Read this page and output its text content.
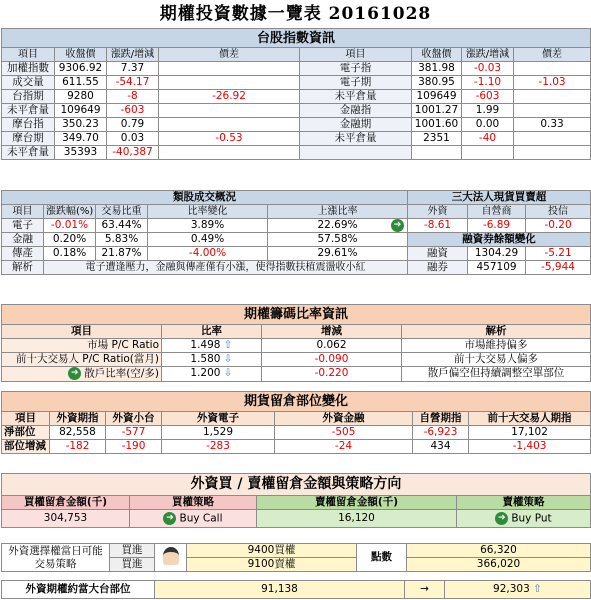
期權投資數據一覽表 20161028
台股指數資訊							
項目	收盤價	漲跌/增減	價差	項目	收盤價	漲跌/增減	價差
加權指數	9306.92	7.37		電子指	381.98	-0.03	
成交量	611.55	-54.17		電子期	380.95	-1.10	-1.03
台指期	9280	-8	-26.92	未平倉量	109649	-603	
未平倉量	109649	-603		金融指	1001.27	1.99	
摩台指	350.23	0.79		金融期	1001.60	0.00	0.33
摩台期	349.70	0.03	-0.53	未平倉量	2351	-40	
未平倉量	35393	-40,387					
類股成交概況					三大法人現貨買賣超		
項目	漲跌幅(%)	交易比重	比率變化	上漲比率	外資	自營商	投信
電子	-0.01%	63.44%	3.89%	22.69% ➔	-8.61	-6.89	-0.20
金融	0.20%	5.83%	0.49%	57.58%	融資券餘額變化		
傳產	0.18%	21.87%	-4.00%	29.61%	融資	1304.29	-5.21
解析	電子遭逢壓力，金融與傳產僅有小漲，使得指數扶植震盪收小紅				融券	457109	-5,944
期權籌碼比率資訊			
項目	比率	增減	解析
市場 P/C Ratio	1.498 ⇧	0.062	市場維持偏多
前十大交易人 P/C Ratio(當月)	1.580 ⇩	-0.090	前十大交易人偏多
➔ 散戶比率(空/多)	1.200 ⇩	-0.220	散戶偏空但持續調整空單部位
期貨留倉部位變化						
項目	外資期指	外資小台	外資電子	外資金融	自營期指	前十大交易人期指
淨部位	82,558	-577	1,529	-505	-6,923	17,102
部位增減	-182	-190	-283	-24	434	-1,403
外資買 / 賣權留倉金額與策略方向			
買權留倉金額(千)	買權策略	賣權留倉金額(千)	賣權策略
304,753	➔ Buy Call	16,120	➔ Buy Put
外資選擇權當日可能交易策略	買進		9400買權	點數	66,320
	買進		9100賣權		366,020
外資期權約當大台部位	91,138	→	92,303 ⇧
